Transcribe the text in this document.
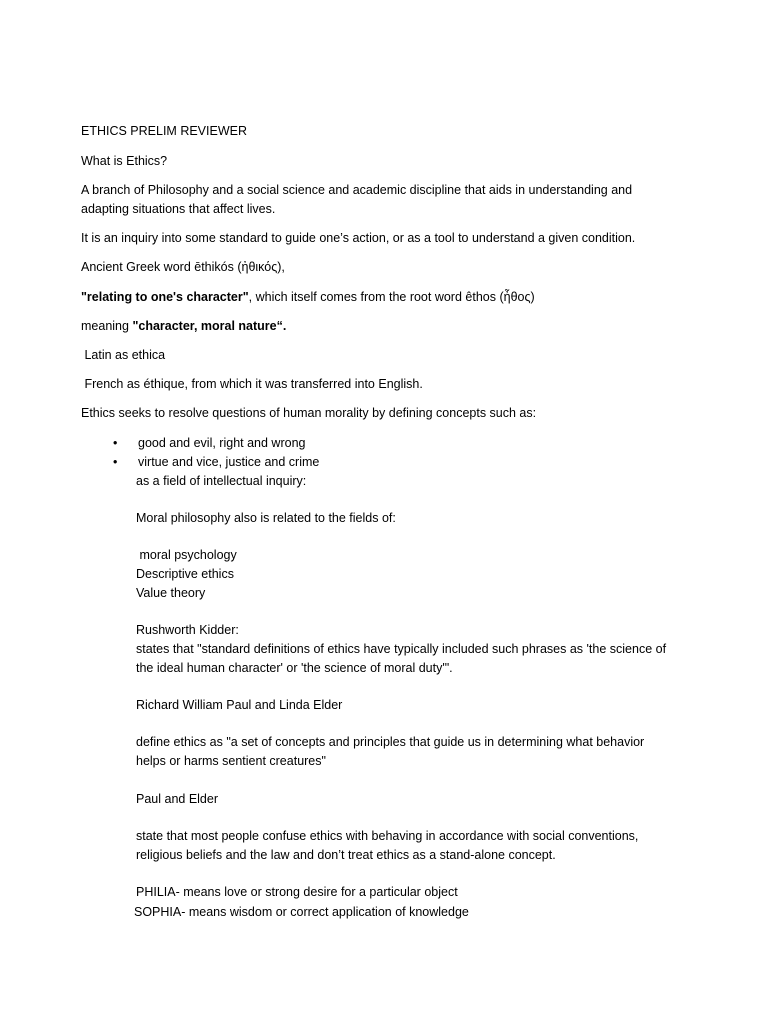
ETHICS PRELIM REVIEWER
What is Ethics?
A branch of Philosophy and a social science and academic discipline that aids in understanding and
adapting situations that affect lives.
It is an inquiry into some standard to guide one’s action, or as a tool to understand a given condition.
Ancient Greek word ēthikós (ἠθικός),
"relating to one's character", which itself comes from the root word êthos (ἦθος)
meaning "character, moral nature“.
Latin as ethica
French as éthique, from which it was transferred into English.
Ethics seeks to resolve questions of human morality by defining concepts such as:
• good and evil, right and wrong
• virtue and vice, justice and crime
as a field of intellectual inquiry:
Moral philosophy also is related to the fields of:
moral psychology
Descriptive ethics
Value theory
Rushworth Kidder:
states that "standard definitions of ethics have typically included such phrases as 'the science of
the ideal human character' or 'the science of moral duty'".
Richard William Paul and Linda Elder
define ethics as "a set of concepts and principles that guide us in determining what behavior
helps or harms sentient creatures"
Paul and Elder
state that most people confuse ethics with behaving in accordance with social conventions,
religious beliefs and the law and don’t treat ethics as a stand-alone concept.
PHILIA- means love or strong desire for a particular object
SOPHIA- means wisdom or correct application of knowledge
